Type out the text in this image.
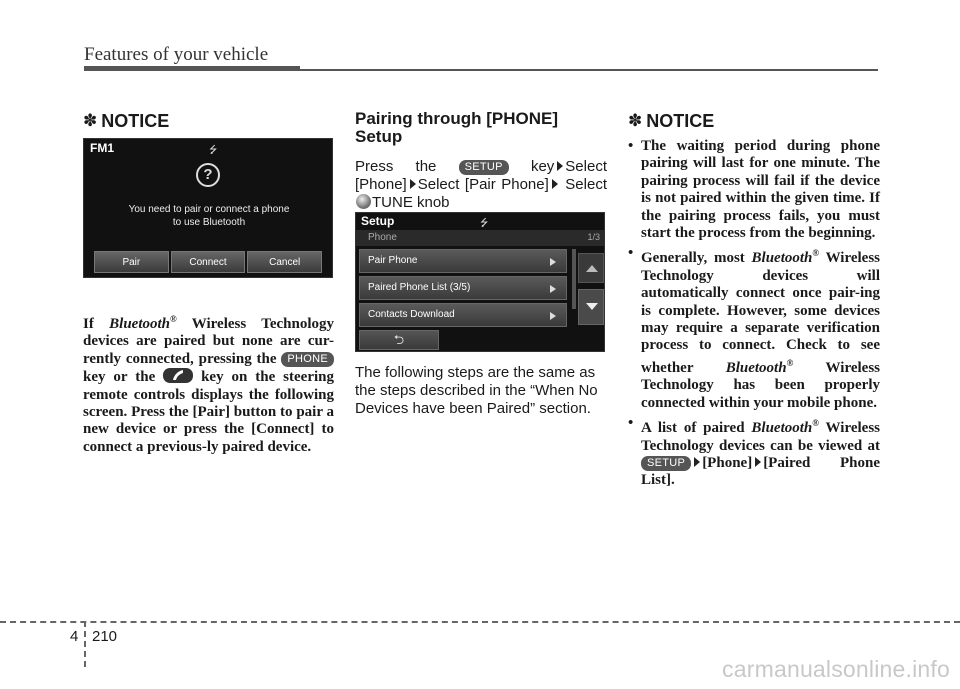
Features of your vehicle
✽ NOTICE
FM1	⭍
?
You need to pair or connect a phone
to use Bluetooth
Pair	Connect	Cancel
If Bluetooth® Wireless Technology devices are paired but none are cur-rently connected, pressing the PHONE key or the	key on the steering remote controls displays the following screen. Press the [Pair] button to pair a new device or press the [Connect] to connect a previous-ly paired device.
Pairing through [PHONE] Setup
Press the	SETUP key Select [Phone] Select [Pair Phone] Select TUNE knob
Setup	⭍
Phone	1/3
Pair Phone
Paired Phone List (3/5)
Contacts Download
⮌
The following steps are the same as the steps described in the “When No Devices have been Paired” section.
✽ NOTICE
• The waiting period during phone pairing will last for one minute. The pairing process will fail if the device is not paired within the given time. If the pairing process fails, you must start the process from the beginning.
• Generally, most Bluetooth® Wireless Technology devices will automatically connect once pair-ing is complete. However, some devices may require a separate verification process to connect. Check to see whether Bluetooth® Wireless Technology has been properly connected within your mobile phone.
• A list of paired Bluetooth® Wireless Technology devices can be viewed at SETUP [Phone] [Paired Phone List].
4 210
carmanualsonline.info
